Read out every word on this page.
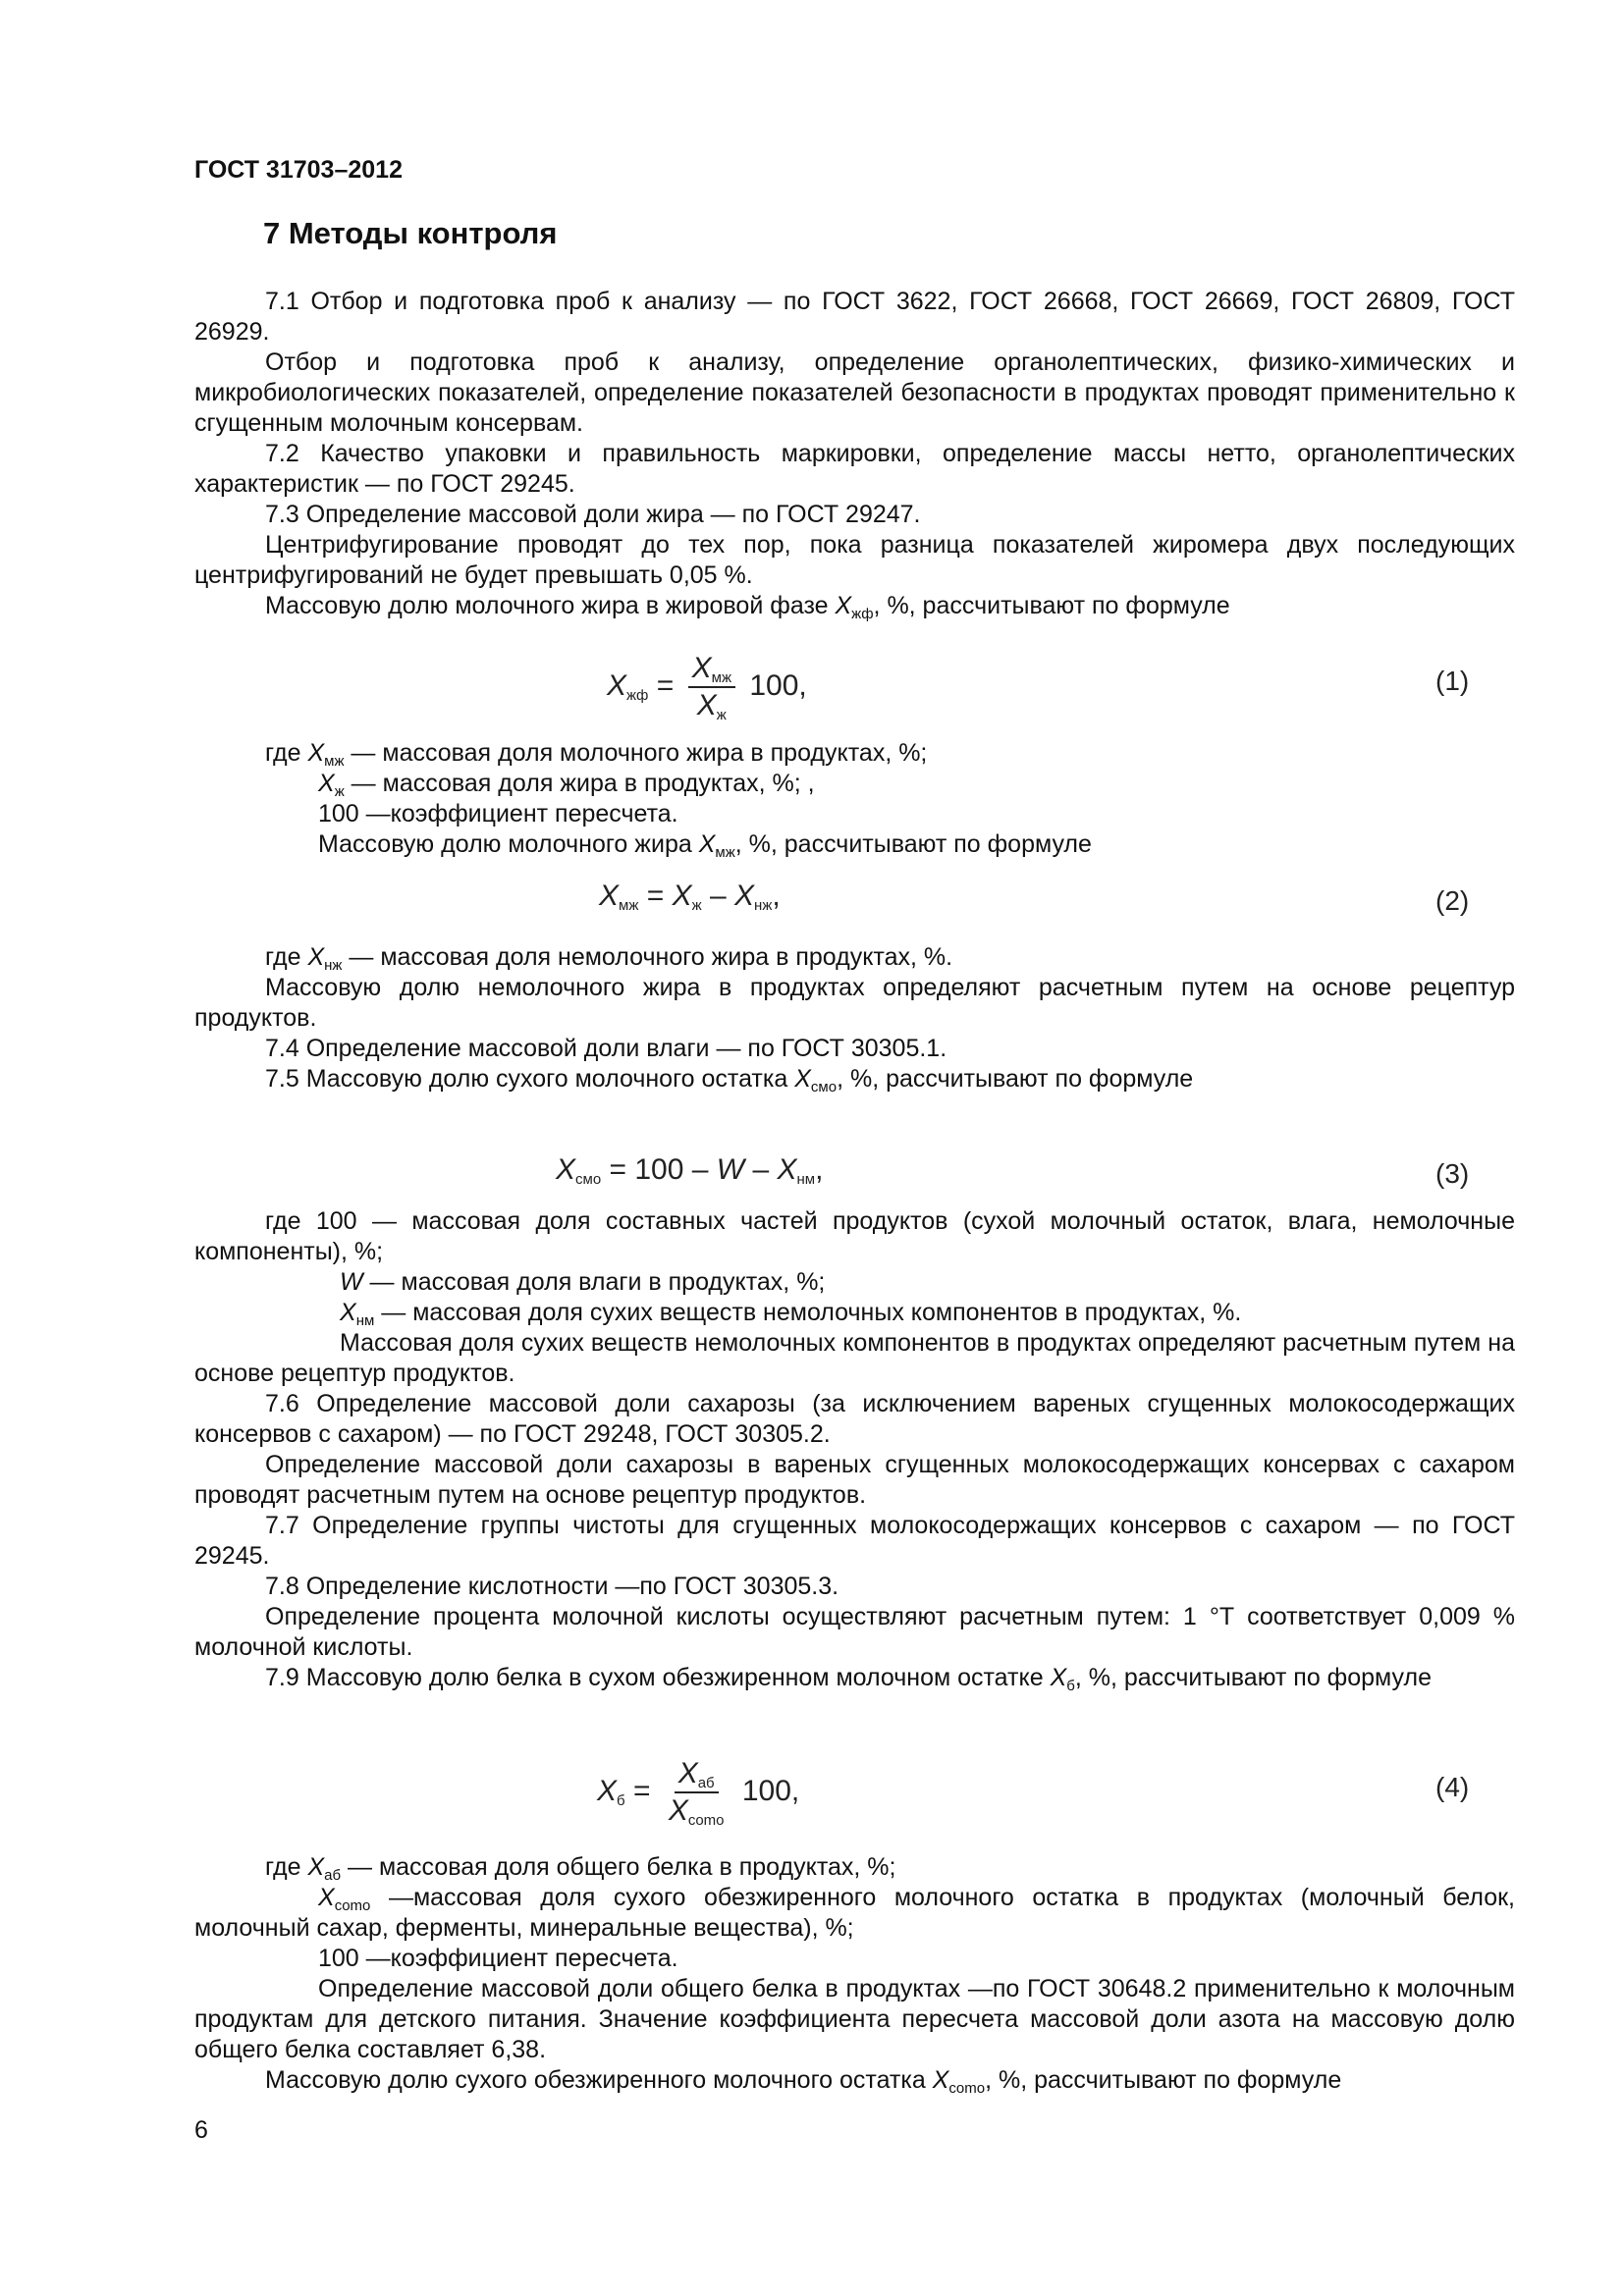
ГОСТ 31703–2012
7 Методы контроля

7.1 Отбор и подготовка проб к анализу — по ГОСТ 3622, ГОСТ 26668, ГОСТ 26669, ГОСТ 26809, ГОСТ 26929.

Отбор и подготовка проб к анализу, определение органолептических, физико-химических и микробиологических показателей, определение показателей безопасности в продуктах проводят применительно к сгущенным молочным консервам.

7.2 Качество упаковки и правильность маркировки, определение массы нетто, органолептических характеристик — по ГОСТ 29245.

7.3 Определение массовой доли жира — по ГОСТ 29247.

Центрифугирование проводят до тех пор, пока разница показателей жиромера двух последующих центрифугирований не будет превышать 0,05 %.

Массовую долю молочного жира в жировой фазе $X_{жф}$, %, рассчитывают по формуле

$X_{жф} = \frac{X_{мж}}{X_ж} 100$,	(1)

где $X_{мж}$ — массовая доля молочного жира в продуктах, %;

$X_ж$ — массовая доля жира в продуктах, %; ,

100 —коэффициент пересчета.

Массовую долю молочного жира $X_{мж}$, %, рассчитывают по формуле

$X_{мж} = X_ж - X_{нж}$,	(2)

где $X_{нж}$ — массовая доля немолочного жира в продуктах, %.

Массовую долю немолочного жира в продуктах определяют расчетным путем на основе рецептур продуктов.

7.4 Определение массовой доли влаги — по ГОСТ 30305.1.

7.5 Массовую долю сухого молочного остатка $X_{смо}$, %, рассчитывают по формуле

$X_{смо} = 100 - W - X_{нм}$,	(3)

где 100 — массовая доля составных частей продуктов (сухой молочный остаток, влага, немолочные компоненты), %;

W — массовая доля влаги в продуктах, %;

$X_{нм}$ — массовая доля сухих веществ немолочных компонентов в продуктах, %.

Массовая доля сухих веществ немолочных компонентов в продуктах определяют расчетным путем на основе рецептур продуктов.

7.6 Определение массовой доли сахарозы (за исключением вареных сгущенных молокосодержащих консервов с сахаром) — по ГОСТ 29248, ГОСТ 30305.2.

Определение массовой доли сахарозы в вареных сгущенных молокосодержащих консервах с сахаром проводят расчетным путем на основе рецептур продуктов.

7.7 Определение группы чистоты для сгущенных молокосодержащих консервов с сахаром — по ГОСТ 29245.

7.8 Определение кислотности —по ГОСТ 30305.3.

Определение процента молочной кислоты осуществляют расчетным путем: 1 °Т соответствует 0,009 % молочной кислоты.

7.9 Массовую долю белка в сухом обезжиренном молочном остатке $X_б$, %, рассчитывают по формуле

$X_б = \frac{X_{аб}}{X_{сomo}} 100$,	(4)

где $X_{аб}$ — массовая доля общего белка в продуктах, %;

$X_{сomo}$ —массовая доля сухого обезжиренного молочного остатка в продуктах (молочный белок, молочный сахар, ферменты, минеральные вещества), %;

100 —коэффициент пересчета.

Определение массовой доли общего белка в продуктах —по ГОСТ 30648.2 применительно к молочным продуктам для детского питания. Значение коэффициента пересчета массовой доли азота на массовую долю общего белка составляет 6,38.

Массовую долю сухого обезжиренного молочного остатка $X_{сomo}$, %, рассчитывают по формуле

6
